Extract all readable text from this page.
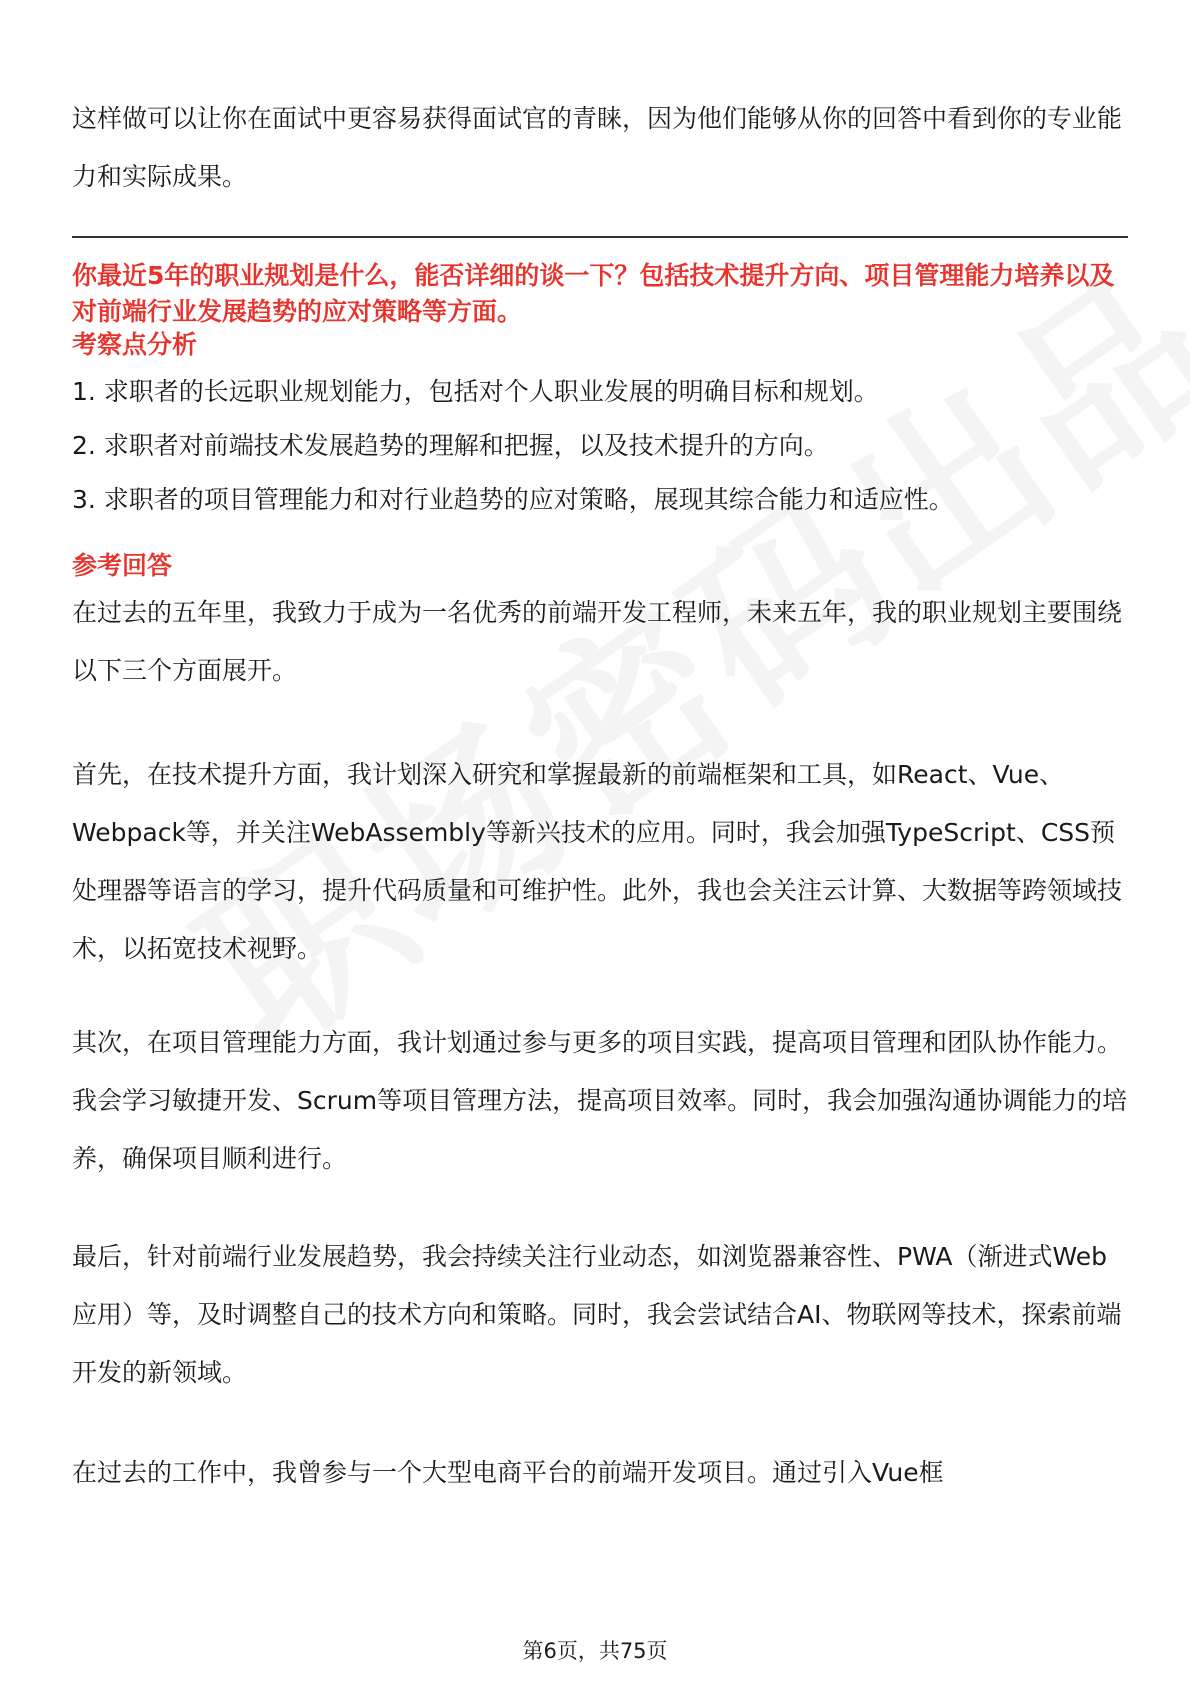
这样做可以让你在面试中更容易获得面试官的青睐，因为他们能够从你的回答中看到你的专业能力和实际成果。

你最近5年的职业规划是什么，能否详细的谈一下？包括技术提升方向、项目管理能力培养以及对前端行业发展趋势的应对策略等方面。

考察点分析

1. 求职者的长远职业规划能力，包括对个人职业发展的明确目标和规划。

2. 求职者对前端技术发展趋势的理解和把握，以及技术提升的方向。

3. 求职者的项目管理能力和对行业趋势的应对策略，展现其综合能力和适应性。

参考回答

在过去的五年里，我致力于成为一名优秀的前端开发工程师，未来五年，我的职业规划主要围绕以下三个方面展开。

首先，在技术提升方面，我计划深入研究和掌握最新的前端框架和工具，如React、Vue、Webpack等，并关注WebAssembly等新兴技术的应用。同时，我会加强TypeScript、CSS预处理器等语言的学习，提升代码质量和可维护性。此外，我也会关注云计算、大数据等跨领域技术，以拓宽技术视野。

其次，在项目管理能力方面，我计划通过参与更多的项目实践，提高项目管理和团队协作能力。我会学习敏捷开发、Scrum等项目管理方法，提高项目效率。同时，我会加强沟通协调能力的培养，确保项目顺利进行。

最后，针对前端行业发展趋势，我会持续关注行业动态，如浏览器兼容性、PWA（渐进式Web应用）等，及时调整自己的技术方向和策略。同时，我会尝试结合AI、物联网等技术，探索前端开发的新领域。

在过去的工作中，我曾参与一个大型电商平台的前端开发项目。通过引入Vue框

第6页，共75页
